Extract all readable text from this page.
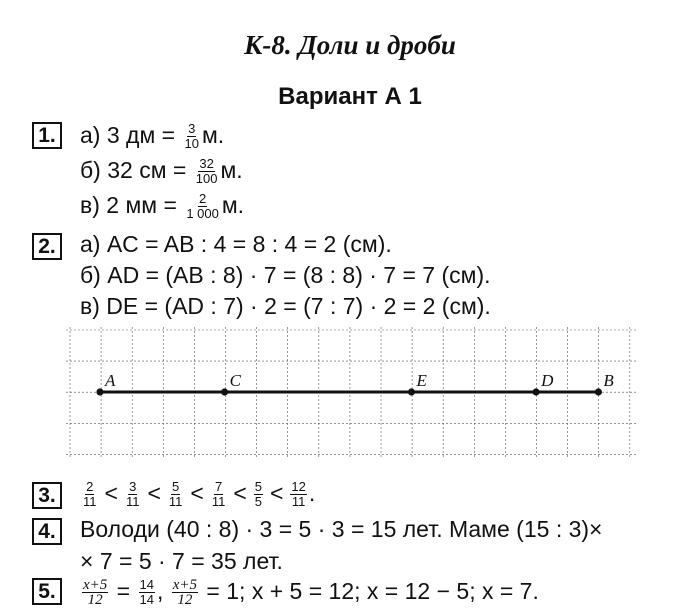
К-8. Доли и дроби
Вариант А 1
1. а) 3 дм = $\frac{3}{10} м$.
б) 32 см = $\frac{32}{100} м$.
в) 2 мм = $\frac{2}{1 000} м$.
2. а) AC = AB : 4 = 8 : 4 = 2 (см).
б) AD = (AB : 8) · 7 = (8 : 8) · 7 = 7 (см).
в) DE = (AD : 7) · 2 = (7 : 7) · 2 = 2 (см).
A	C	E	D	B
3.	$\frac{2}{11} < \frac{3}{11} < \frac{5}{11} < \frac{7}{11} < \frac{5}{5} < \frac{12}{11}$ .
4. Володи (40 : 8) · 3 = 5 · 3 = 15 лет. Маме (15 : 3)×
× 7 = 5 · 7 = 35 лет.
5.	$\frac{x+5}{12} = \frac{14}{14}$ , $\frac{x+5}{12} = 1$; x + 5 = 12; x = 12 − 5; x = 7.
